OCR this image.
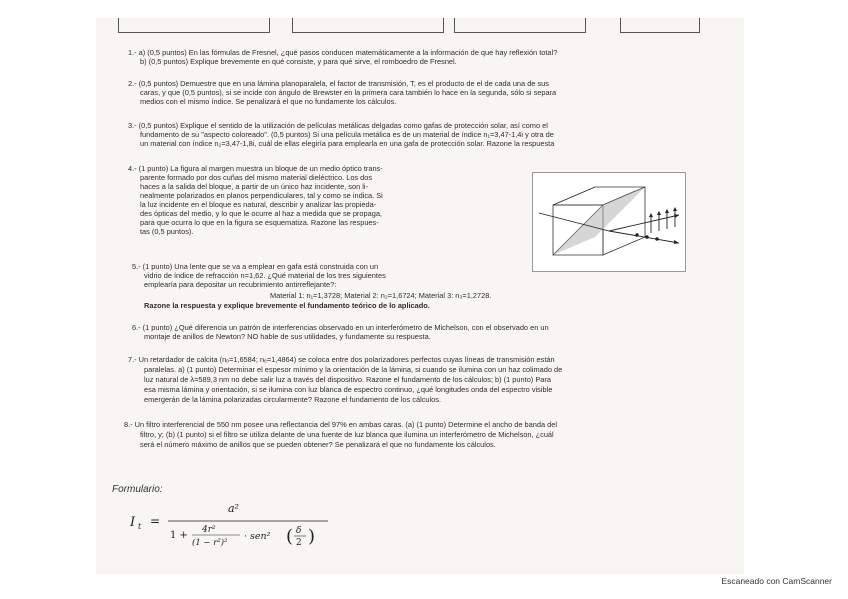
1.- a) (0,5 puntos) En las fórmulas de Fresnel, ¿qué pasos conducen matemáticamente a la información de que hay reflexión total?
b) (0,5 puntos) Explique brevemente en qué consiste, y para qué sirve, el romboedro de Fresnel.
2.- (0,5 puntos) Demuestre que en una lámina planoparalela, el factor de transmisión, T, es el producto de el de cada una de sus
caras, y que (0,5 puntos), si se incide con ángulo de Brewster en la primera cara también lo hace en la segunda, sólo si separa
medios con el mismo índice. Se penalizará el que no fundamente los cálculos.
3.- (0,5 puntos) Explique el sentido de la utilización de películas metálicas delgadas como gafas de protección solar, así como el
fundamento de su "aspecto coloreado". (0,5 puntos) Si una película metálica es de un material de índice n₁=3,47-1,4i y otra de
un material con índice n₂=3,47-1,8i, cuál de ellas elegiría para emplearla en una gafa de protección solar. Razone la respuesta
4.- (1 punto) La figura al margen muestra un bloque de un medio óptico trans-
parente formado por dos cuñas del mismo material dieléctrico. Los dos
haces a la salida del bloque, a partir de un único haz incidente, son li-
nealmente polarizados en planos perpendiculares, tal y como se indica. Si
la luz incidente en el bloque es natural, describir y analizar las propieda-
des ópticas del medio, y lo que le ocurre al haz a medida que se propaga,
para que ocurra lo que en la figura se esquematiza. Razone las respues-
tas (0,5 puntos).
5.- (1 punto) Una lente que se va a emplear en gafa está construida con un
vidrio de índice de refracción n=1,62. ¿Qué material de los tres siguientes
emplearía para depositar un recubrimiento antirreflejante?:
Material 1: n₁=1,3728; Material 2: n₂=1,6724; Material 3: n₃=1,2728.
Razone la respuesta y explique brevemente el fundamento teórico de lo aplicado.
6.- (1 punto) ¿Qué diferencia un patrón de interferencias observado en un interferómetro de Michelson, con el observado en un
montaje de anillos de Newton? NO hable de sus utilidades, y fundamente su respuesta.
7.- Un retardador de calcita (nₒ=1,6584; nₑ=1,4864) se coloca entre dos polarizadores perfectos cuyas líneas de transmisión están
paralelas. a) (1 punto) Determinar el espesor mínimo y la orientación de la lámina, si cuando se ilumina con un haz colimado de
luz natural de λ=589,3 nm no debe salir luz a través del dispositivo. Razone el fundamento de los cálculos; b) (1 punto) Para
esa misma lámina y orientación, si se ilumina con luz blanca de espectro continuo, ¿qué longitudes onda del espectro visible
emergerán de la lámina polarizadas circularmente? Razone el fundamento de los cálculos.
8.- Un filtro interferencial de 550 nm posee una reflectancia del 97% en ambas caras. (a) (1 punto) Determine el ancho de banda del
filtro, y; (b) (1 punto) si el filtro se utiliza delante de una fuente de luz blanca que ilumina un interferómetro de Michelson, ¿cuál
será el número máximo de anillos que se pueden obtener? Se penalizará el que no fundamente los cálculos.
Formulario:
I t =
a²
1 + 4r²
(1 − r²)²
· sen² ( δ
2 )
Escaneado con CamScanner
